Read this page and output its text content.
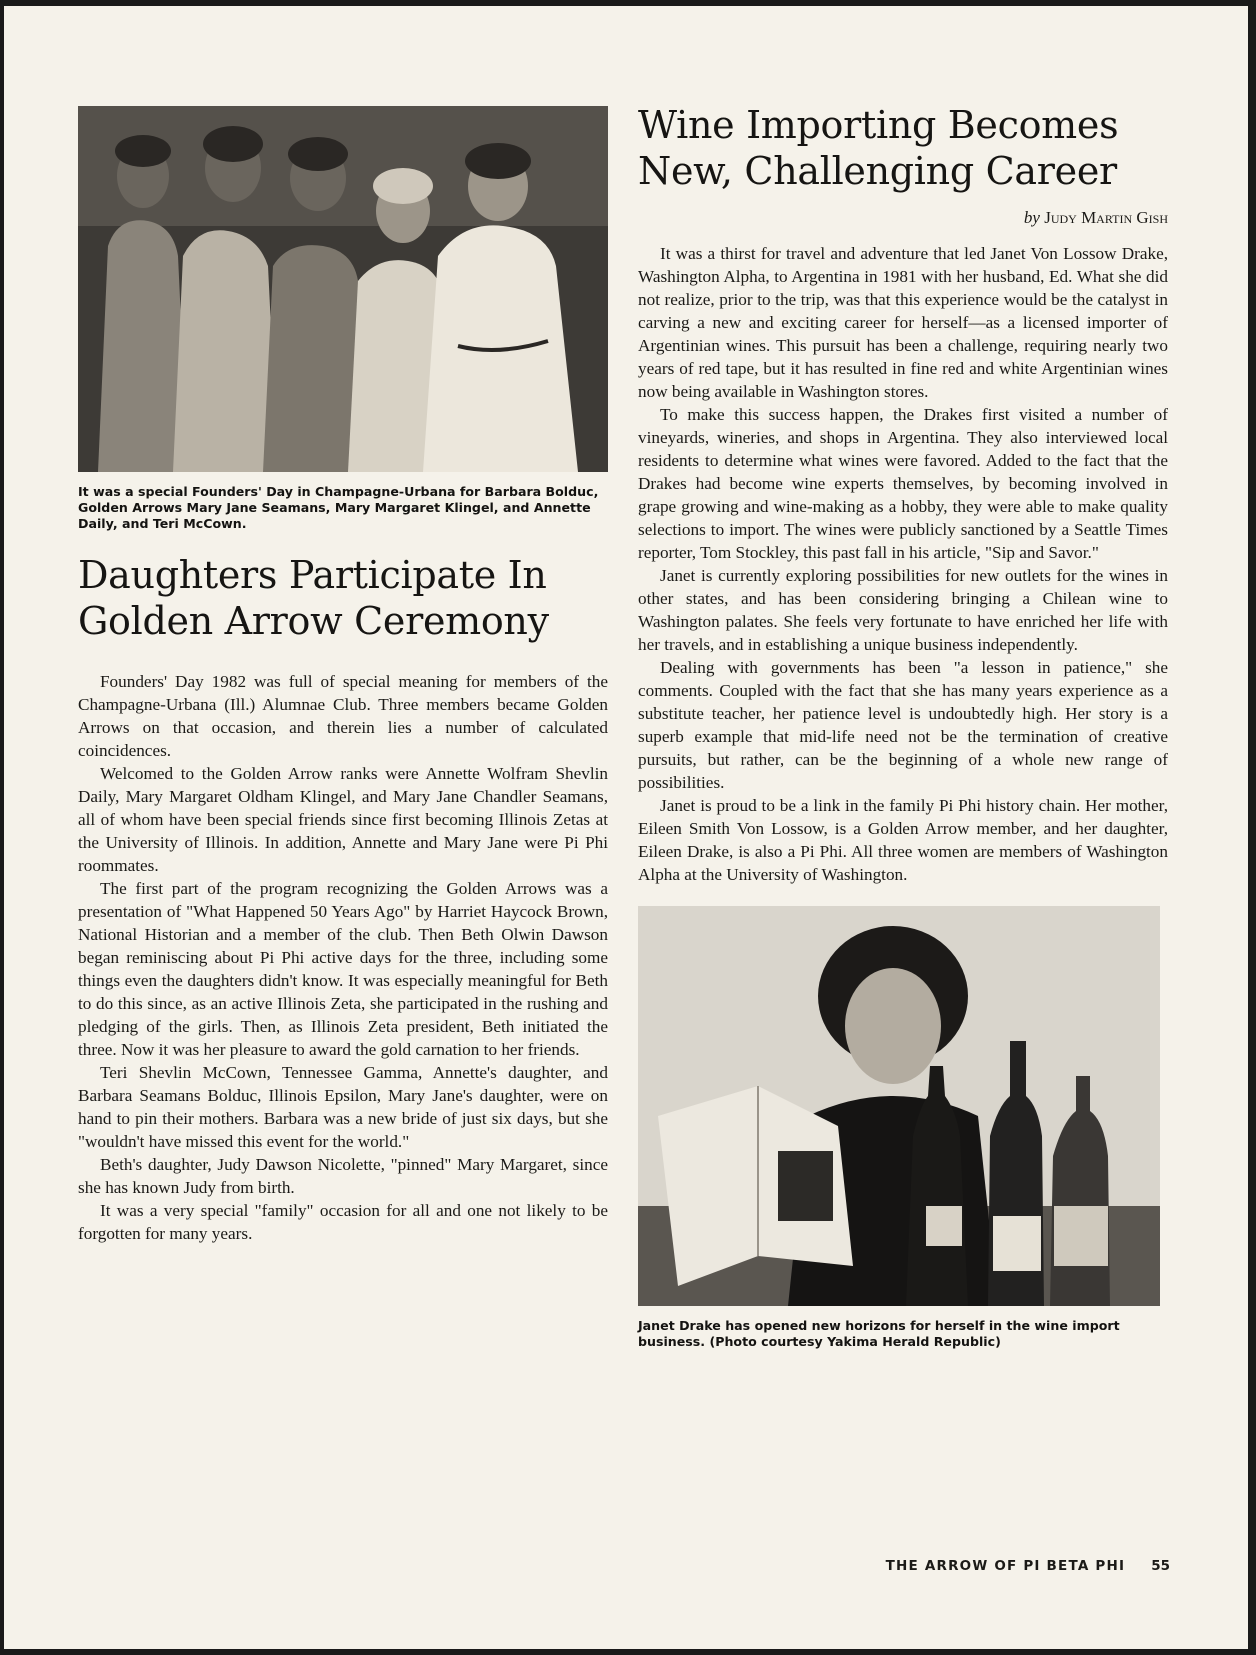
It was a special Founders' Day in Champagne-Urbana for Barbara Bolduc, Golden Arrows Mary Jane Seamans, Mary Margaret Klingel, and Annette Daily, and Teri McCown.

Daughters Participate In Golden Arrow Ceremony

Founders' Day 1982 was full of special meaning for members of the Champagne-Urbana (Ill.) Alumnae Club. Three members became Golden Arrows on that occasion, and therein lies a number of calculated coincidences.

Welcomed to the Golden Arrow ranks were Annette Wolfram Shevlin Daily, Mary Margaret Oldham Klingel, and Mary Jane Chandler Seamans, all of whom have been special friends since first becoming Illinois Zetas at the University of Illinois. In addition, Annette and Mary Jane were Pi Phi roommates.

The first part of the program recognizing the Golden Arrows was a presentation of "What Happened 50 Years Ago" by Harriet Haycock Brown, National Historian and a member of the club. Then Beth Olwin Dawson began reminiscing about Pi Phi active days for the three, including some things even the daughters didn't know. It was especially meaningful for Beth to do this since, as an active Illinois Zeta, she participated in the rushing and pledging of the girls. Then, as Illinois Zeta president, Beth initiated the three. Now it was her pleasure to award the gold carnation to her friends.

Teri Shevlin McCown, Tennessee Gamma, Annette's daughter, and Barbara Seamans Bolduc, Illinois Epsilon, Mary Jane's daughter, were on hand to pin their mothers. Barbara was a new bride of just six days, but she "wouldn't have missed this event for the world."

Beth's daughter, Judy Dawson Nicolette, "pinned" Mary Margaret, since she has known Judy from birth.

It was a very special "family" occasion for all and one not likely to be forgotten for many years.

Wine Importing Becomes New, Challenging Career
by Judy Martin Gish

It was a thirst for travel and adventure that led Janet Von Lossow Drake, Washington Alpha, to Argentina in 1981 with her husband, Ed. What she did not realize, prior to the trip, was that this experience would be the catalyst in carving a new and exciting career for herself—as a licensed importer of Argentinian wines. This pursuit has been a challenge, requiring nearly two years of red tape, but it has resulted in fine red and white Argentinian wines now being available in Washington stores.

To make this success happen, the Drakes first visited a number of vineyards, wineries, and shops in Argentina. They also interviewed local residents to determine what wines were favored. Added to the fact that the Drakes had become wine experts themselves, by becoming involved in grape growing and wine-making as a hobby, they were able to make quality selections to import. The wines were publicly sanctioned by a Seattle Times reporter, Tom Stockley, this past fall in his article, "Sip and Savor."

Janet is currently exploring possibilities for new outlets for the wines in other states, and has been considering bringing a Chilean wine to Washington palates. She feels very fortunate to have enriched her life with her travels, and in establishing a unique business independently.

Dealing with governments has been "a lesson in patience," she comments. Coupled with the fact that she has many years experience as a substitute teacher, her patience level is undoubtedly high. Her story is a superb example that mid-life need not be the termination of creative pursuits, but rather, can be the beginning of a whole new range of possibilities.

Janet is proud to be a link in the family Pi Phi history chain. Her mother, Eileen Smith Von Lossow, is a Golden Arrow member, and her daughter, Eileen Drake, is also a Pi Phi. All three women are members of Washington Alpha at the University of Washington.

Janet Drake has opened new horizons for herself in the wine import business. (Photo courtesy Yakima Herald Republic)

THE ARROW OF PI BETA PHI 55
